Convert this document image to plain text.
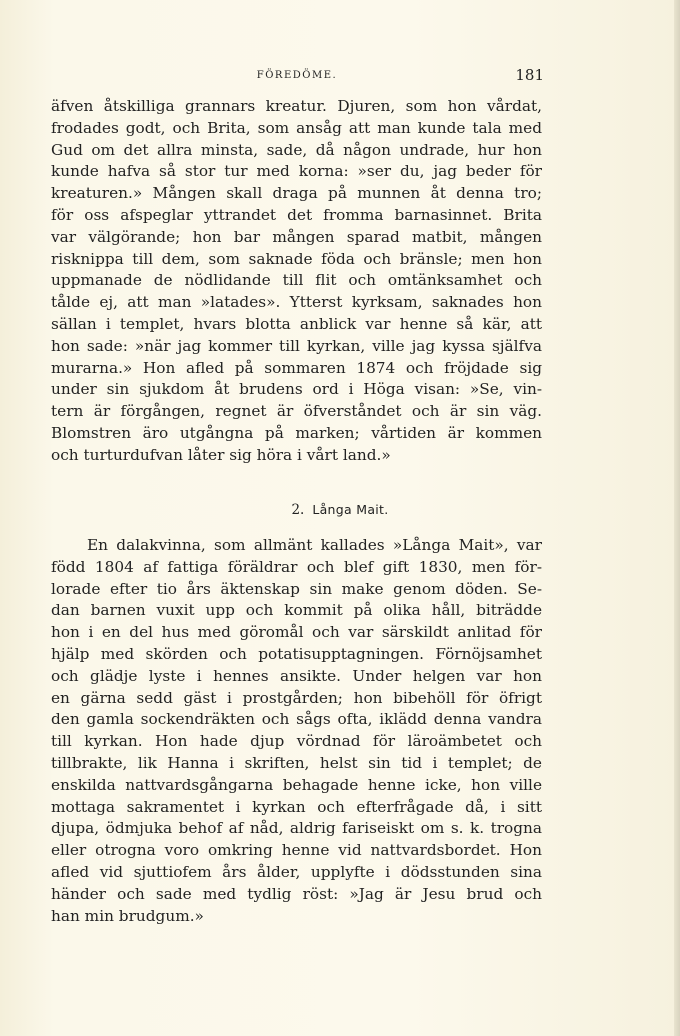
FÖREDÖME.	181
äfven åtskilliga grannars kreatur. Djuren, som hon vårdat,
frodades godt, och Brita, som ansåg att man kunde tala med
Gud om det allra minsta, sade, då någon undrade, hur hon
kunde hafva så stor tur med korna: »ser du, jag beder för
kreaturen.» Mången skall draga på munnen åt denna tro;
för oss afspeglar yttrandet det fromma barnasinnet. Brita
var välgörande; hon bar mången sparad matbit, mången
risknippa till dem, som saknade föda och bränsle; men hon
uppmanade de nödlidande till flit och omtänksamhet och
tålde ej, att man »latades». Ytterst kyrksam, saknades hon
sällan i templet, hvars blotta anblick var henne så kär, att
hon sade: »när jag kommer till kyrkan, ville jag kyssa själfva
murarna.» Hon afled på sommaren 1874 och fröjdade sig
under sin sjukdom åt brudens ord i Höga visan: »Se, vin-
tern är förgången, regnet är öfverståndet och är sin väg.
Blomstren äro utgångna på marken; vårtiden är kommen
och turturdufvan låter sig höra i vårt land.»
2. Långa Mait.
En dalakvinna, som allmänt kallades »Långa Mait», var
född 1804 af fattiga föräldrar och blef gift 1830, men för-
lorade efter tio års äktenskap sin make genom döden. Se-
dan barnen vuxit upp och kommit på olika håll, biträdde
hon i en del hus med göromål och var särskildt anlitad för
hjälp med skörden och potatisupptagningen. Förnöjsamhet
och glädje lyste i hennes ansikte. Under helgen var hon
en gärna sedd gäst i prostgården; hon bibehöll för öfrigt
den gamla sockendräkten och sågs ofta, iklädd denna vandra
till kyrkan. Hon hade djup vördnad för läroämbetet och
tillbrakte, lik Hanna i skriften, helst sin tid i templet; de
enskilda nattvardsgångarna behagade henne icke, hon ville
mottaga sakramentet i kyrkan och efterfrågade då, i sitt
djupa, ödmjuka behof af nåd, aldrig fariseiskt om s. k. trogna
eller otrogna voro omkring henne vid nattvardsbordet. Hon
afled vid sjuttiofem års ålder, upplyfte i dödsstunden sina
händer och sade med tydlig röst: »Jag är Jesu brud och
han min brudgum.»
